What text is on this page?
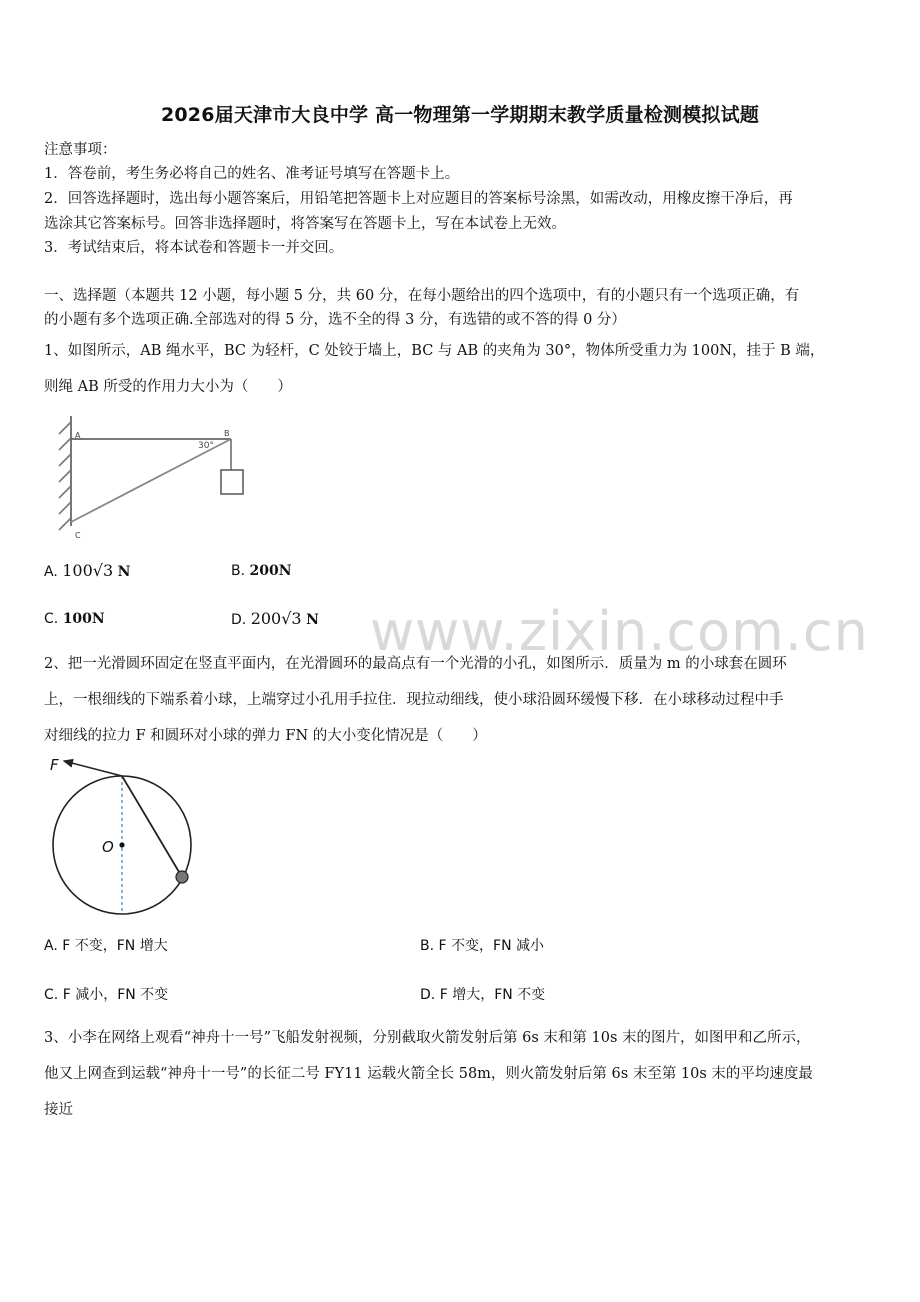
2026届天津市大良中学 高一物理第一学期期末教学质量检测模拟试题
注意事项：
1．答卷前，考生务必将自己的姓名、准考证号填写在答题卡上。
2．回答选择题时，选出每小题答案后，用铅笔把答题卡上对应题目的答案标号涂黑，如需改动，用橡皮擦干净后，再
选涂其它答案标号。回答非选择题时，将答案写在答题卡上，写在本试卷上无效。
3．考试结束后，将本试卷和答题卡一并交回。
一、选择题（本题共 12 小题，每小题 5 分，共 60 分，在每小题给出的四个选项中，有的小题只有一个选项正确，有
的小题有多个选项正确.全部选对的得 5 分，选不全的得 3 分，有选错的或不答的得 0 分）
1、如图所示，AB 绳水平，BC 为轻杆，C 处铰于墙上，BC 与 AB 的夹角为 30°，物体所受重力为 100N，挂于 B 端，
则绳 AB 所受的作用力大小为（　　）
A	B
C
30°
A. 100√3 N	B. 200N
C. 100N	D. 200√3 N www.zixin.com.cn
2、把一光滑圆环固定在竖直平面内，在光滑圆环的最高点有一个光滑的小孔，如图所示．质量为 m 的小球套在圆环
上，一根细线的下端系着小球，上端穿过小孔用手拉住．现拉动细线，使小球沿圆环缓慢下移．在小球移动过程中手
对细线的拉力 F 和圆环对小球的弹力 FN 的大小变化情况是（　　）
F
O
A. F 不变，FN 增大	B. F 不变，FN 减小
C. F 减小，FN 不变	D. F 增大，FN 不变
3、小李在网络上观看“神舟十一号”飞船发射视频，分别截取火箭发射后第 6s 末和第 10s 末的图片，如图甲和乙所示，
他又上网查到运载“神舟十一号”的长征二号 FY11 运载火箭全长 58m，则火箭发射后第 6s 末至第 10s 末的平均速度最
接近
